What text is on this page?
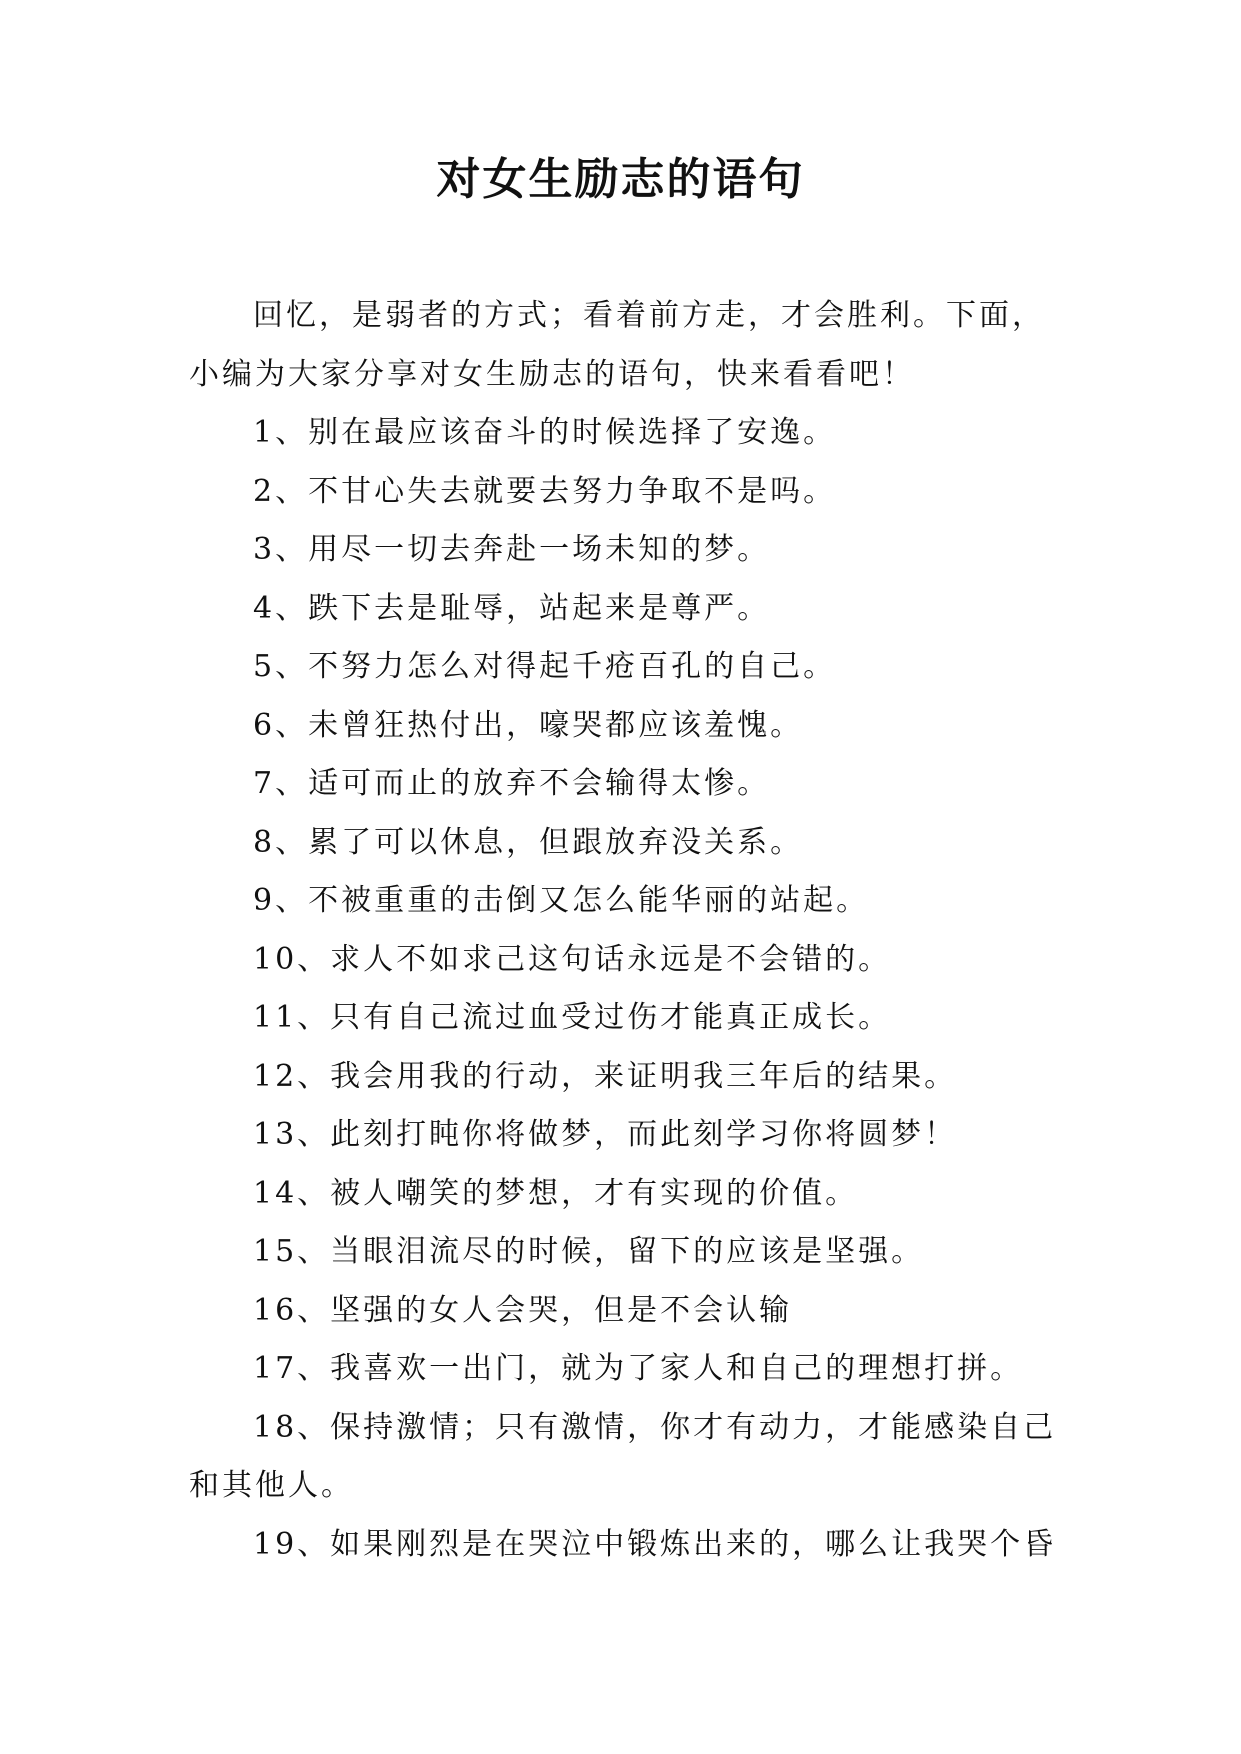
对女生励志的语句

回忆，是弱者的方式；看着前方走，才会胜利。下面，

小编为大家分享对女生励志的语句，快来看看吧！

1、别在最应该奋斗的时候选择了安逸。

2、不甘心失去就要去努力争取不是吗。

3、用尽一切去奔赴一场未知的梦。

4、跌下去是耻辱，站起来是尊严。

5、不努力怎么对得起千疮百孔的自己。

6、未曾狂热付出，嚎哭都应该羞愧。

7、适可而止的放弃不会输得太惨。

8、累了可以休息，但跟放弃没关系。

9、不被重重的击倒又怎么能华丽的站起。

10、求人不如求己这句话永远是不会错的。

11、只有自己流过血受过伤才能真正成长。

12、我会用我的行动，来证明我三年后的结果。

13、此刻打盹你将做梦，而此刻学习你将圆梦！

14、被人嘲笑的梦想，才有实现的价值。

15、当眼泪流尽的时候，留下的应该是坚强。

16、坚强的女人会哭，但是不会认输

17、我喜欢一出门，就为了家人和自己的理想打拼。

18、保持激情；只有激情，你才有动力，才能感染自己

和其他人。

19、如果刚烈是在哭泣中锻炼出来的，哪么让我哭个昏
